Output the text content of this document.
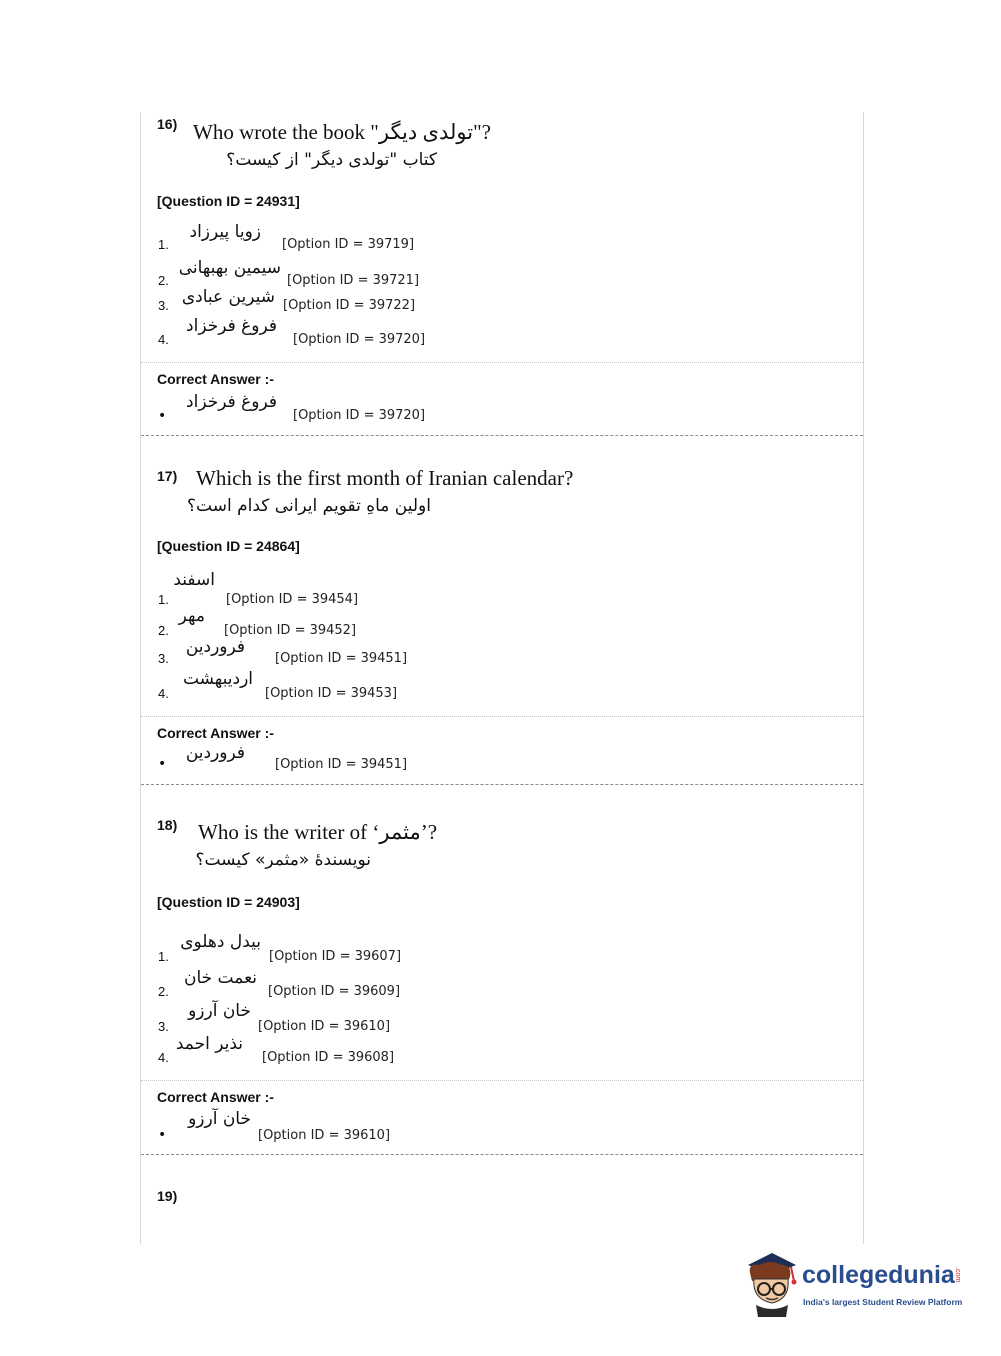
16) Who wrote the book "تولدی دیگر"?
کتاب "تولدی دیگر" از کیست؟
[Question ID = 24931]
1.
زویا پیرزاد
[Option ID = 39719]
2.
سیمین بهبهانی
[Option ID = 39721]
3. شیرین عبادی [Option ID = 39722]
4.
فروغ فرخزاد
[Option ID = 39720]
Correct Answer :-
•
فروغ فرخزاد
[Option ID = 39720]
17) Which is the first month of Iranian calendar?
اولین ماهِ تقویم ایرانی کدام است؟
[Question ID = 24864]
1.
اسفند
[Option ID = 39454]
2.
مهر
[Option ID = 39452]
3.
فروردین
[Option ID = 39451]
4.
اردیبهشت
[Option ID = 39453]
Correct Answer :-
•
فروردین
[Option ID = 39451]
18) Who is the writer of ‘مثمر’?
نویسندۀ «مثمر» کیست؟
[Question ID = 24903]
1.
بیدل دهلوی
[Option ID = 39607]
2.
نعمت خان
[Option ID = 39609]
3.
خان آرزو
[Option ID = 39610]
4.
نذیر احمد
[Option ID = 39608]
Correct Answer :-
•
خان آرزو
[Option ID = 39610]
19)
collegedunia .com
India's largest Student Review Platform
